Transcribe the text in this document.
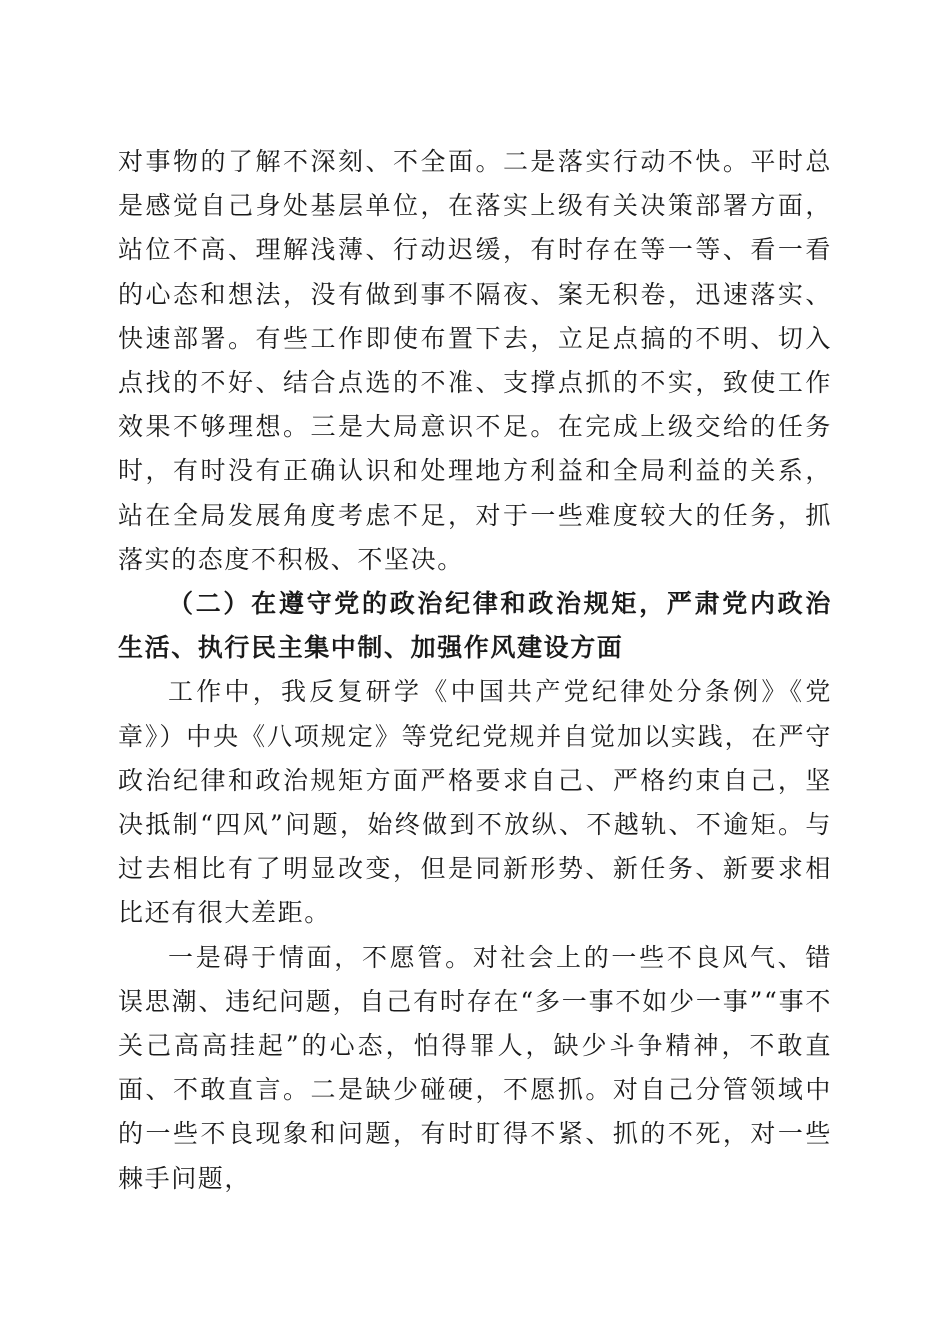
对事物的了解不深刻、不全面。二是落实行动不快。平时总是感觉自己身处基层单位，在落实上级有关决策部署方面，站位不高、理解浅薄、行动迟缓，有时存在等一等、看一看的心态和想法，没有做到事不隔夜、案无积卷，迅速落实、快速部署。有些工作即使布置下去，立足点搞的不明、切入点找的不好、结合点选的不准、支撑点抓的不实，致使工作效果不够理想。三是大局意识不足。在完成上级交给的任务时，有时没有正确认识和处理地方利益和全局利益的关系，站在全局发展角度考虑不足，对于一些难度较大的任务，抓落实的态度不积极、不坚决。

（二）在遵守党的政治纪律和政治规矩，严肃党内政治生活、执行民主集中制、加强作风建设方面

工作中，我反复研学《中国共产党纪律处分条例》《党章》）中央《八项规定》等党纪党规并自觉加以实践，在严守政治纪律和政治规矩方面严格要求自己、严格约束自己，坚决抵制“四风”问题，始终做到不放纵、不越轨、不逾矩。与过去相比有了明显改变，但是同新形势、新任务、新要求相比还有很大差距。

一是碍于情面，不愿管。对社会上的一些不良风气、错误思潮、违纪问题，自己有时存在“多一事不如少一事”“事不关己高高挂起”的心态，怕得罪人，缺少斗争精神，不敢直面、不敢直言。二是缺少碰硬，不愿抓。对自己分管领域中的一些不良现象和问题，有时盯得不紧、抓的不死，对一些棘手问题，
